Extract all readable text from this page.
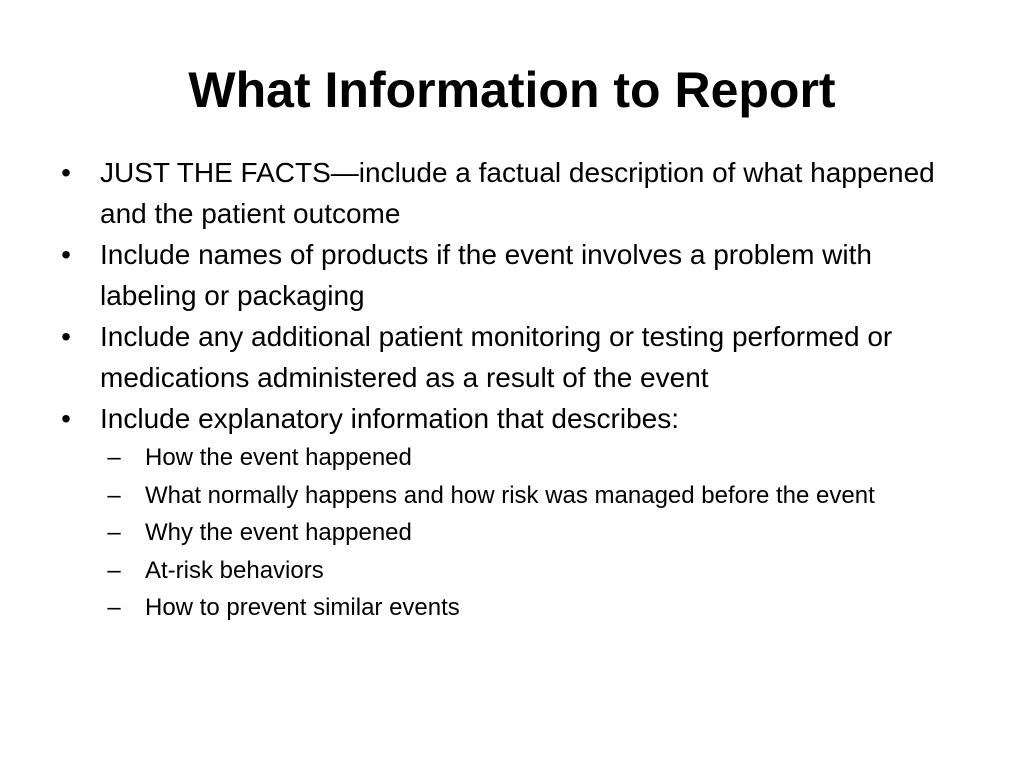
What Information to Report
• JUST THE FACTS—include a factual description of what happened and the patient outcome
• Include names of products if the event involves a problem with labeling or packaging
• Include any additional patient monitoring or testing performed or medications administered as a result of the event
• Include explanatory information that describes:
–	How the event happened
–	What normally happens and how risk was managed before the event
–	Why the event happened
–	At-risk behaviors
–	How to prevent similar events
